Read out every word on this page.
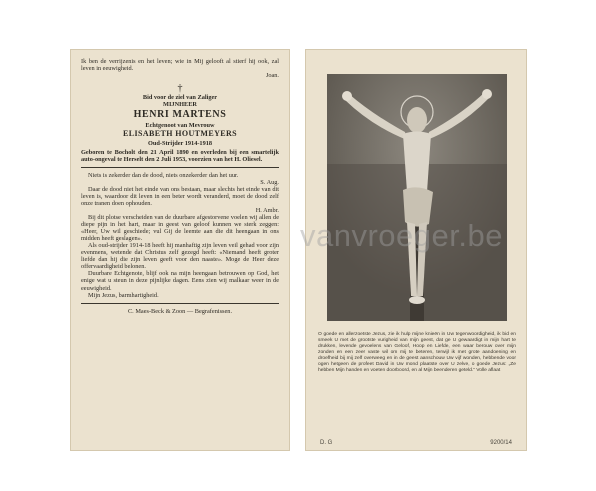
Ik ben de verrijzenis en het leven; wie in Mij gelooft al stierf hij ook, zal leven in eeuwigheid.

Joan.

†
Bid voor de ziel van Zaliger
MIJNHEER
HENRI MARTENS
Echtgenoot van Mevrouw
ELISABETH HOUTMEYERS
Oud-Strijder 1914-1918

Geboren te Bocholt den 21 April 1890 en overleden bij een smartelijk auto-ongeval te Herselt den 2 Juli 1953, voorzien van het H. Oliesel.

Niets is zekerder dan de dood, niets onzekerder dan het uur.

S. Aug.

Daar de dood niet het einde van ons bestaan, maar slechts het einde van dit leven is, waardoor dit leven in een beter wordt veranderd, moet de dood zelf onze tranen doen ophouden.

H. Ambr.

Bij dit plotse verscheiden van de duurbare afgestorvene voelen wij allen de diepe pijn in het hart, maar in geest van geloof kunnen we sterk zeggen: «Heer, Uw wil geschiede; vul Gij de leemte aan die dit heengaan in ons midden heeft geslagen».

Als oud-strijder 1914-18 heeft hij manhaftig zijn leven veil gehad voor zijn evenmens, wetende dat Christus zelf gezegd heeft: «Niemand heeft groter liefde dan hij die zijn leven geeft voor den naaste». Moge de Heer deze offervaardigheid belonen.

Duurbare Echtgenote, blijf ook na mijn heengaan betrouwen op God, het enige wat u steun in deze pijnlijke dagen. Eens zien wij malkaar weer in de eeuwigheid.

Mijn Jezus, barmhartigheid.

C. Maes-Beck & Zoon — Begrafenissen.
O goede en allerzoetste Jezus, zie ik hulp mijne knieën in Uw tegenwoordigheid, ik bid en smeek U met de grootste vurigheid van mijn geest, dat ge U gewaardigt in mijn hart te drukken, levende gevoelens van Geloof, Hoop en Liefde, een waar berouw over mijn zonden en een zeer vaste wil om mij te beteren, terwijl ik met grote aandoening en droefheid bij mij zelf overweeg en in de geest aanschouw Uw vijf wonden, hebbende voor ogen hetgeen de profeet David in Uw mond plaatste over U zelve, o goede Jezus: „Ze hebben Mijn handen en voeten doorboord, en al Mijn beenderen geteld.” Volle aflaat
D. G	9200/14
vanvroeger.be
